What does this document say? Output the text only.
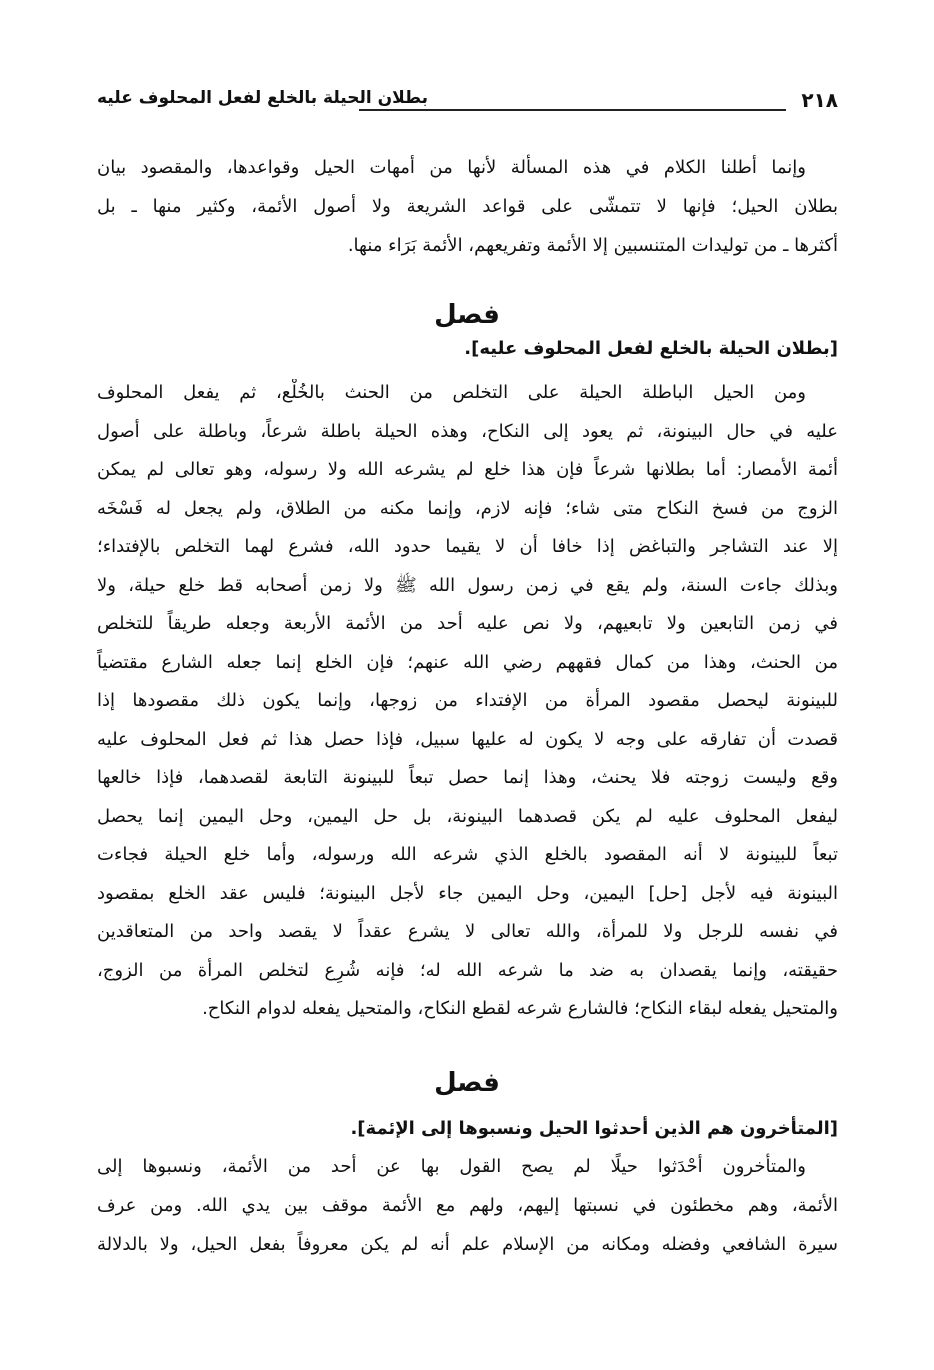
٢١٨
بطلان الحيلة بالخلع لفعل المحلوف عليه
وإنما أطلنا الكلام في هذه المسألة لأنها من أمهات الحيل وقواعدها، والمقصود بيان
بطلان الحيل؛ فإنها لا تتمشّى على قواعد الشريعة ولا أصول الأئمة، وكثير منها ـ بل
أكثرها ـ من توليدات المتنسبين إلا الأئمة وتفريعهم، الأئمة بَرَاء منها.
فصل
[بطلان الحيلة بالخلع لفعل المحلوف عليه].
ومن الحيل الباطلة الحيلة على التخلص من الحنث بالخُلْع، ثم يفعل المحلوف
عليه في حال البينونة، ثم يعود إلى النكاح، وهذه الحيلة باطلة شرعاً، وباطلة على أصول
أئمة الأمصار: أما بطلانها شرعاً فإن هذا خلع لم يشرعه الله ولا رسوله، وهو تعالى لم يمكن
الزوج من فسخ النكاح متى شاء؛ فإنه لازم، وإنما مكنه من الطلاق، ولم يجعل له فَسْخَه
إلا عند التشاجر والتباغض إذا خافا أن لا يقيما حدود الله، فشرع لهما التخلص بالإفتداء؛
وبذلك جاءت السنة، ولم يقع في زمن رسول الله ﷺ ولا زمن أصحابه قط خلع حيلة، ولا
في زمن التابعين ولا تابعيهم، ولا نص عليه أحد من الأئمة الأربعة وجعله طريقاً للتخلص
من الحنث، وهذا من كمال فقههم رضي الله عنهم؛ فإن الخلع إنما جعله الشارع مقتضياً
للبينونة ليحصل مقصود المرأة من الإفتداء من زوجها، وإنما يكون ذلك مقصودها إذا
قصدت أن تفارقه على وجه لا يكون له عليها سبيل، فإذا حصل هذا ثم فعل المحلوف عليه
وقع وليست زوجته فلا يحنث، وهذا إنما حصل تبعاً للبينونة التابعة لقصدهما، فإذا خالعها
ليفعل المحلوف عليه لم يكن قصدهما البينونة، بل حل اليمين، وحل اليمين إنما يحصل
تبعاً للبينونة لا أنه المقصود بالخلع الذي شرعه الله ورسوله، وأما خلع الحيلة فجاءت
البينونة فيه لأجل [حل] اليمين، وحل اليمين جاء لأجل البينونة؛ فليس عقد الخلع بمقصود
في نفسه للرجل ولا للمرأة، والله تعالى لا يشرع عقداً لا يقصد واحد من المتعاقدين
حقيقته، وإنما يقصدان به ضد ما شرعه الله له؛ فإنه شُرِع لتخلص المرأة من الزوج،
والمتحيل يفعله لبقاء النكاح؛ فالشارع شرعه لقطع النكاح، والمتحيل يفعله لدوام النكاح.
فصل
[المتأخرون هم الذين أحدثوا الحيل ونسبوها إلى الإئمة].
والمتأخرون أحْدَثوا حيلًا لم يصح القول بها عن أحد من الأئمة، ونسبوها إلى
الأئمة، وهم مخطئون في نسبتها إليهم، ولهم مع الأئمة موقف بين يدي الله. ومن عرف
سيرة الشافعي وفضله ومكانه من الإسلام علم أنه لم يكن معروفاً بفعل الحيل، ولا بالدلالة
